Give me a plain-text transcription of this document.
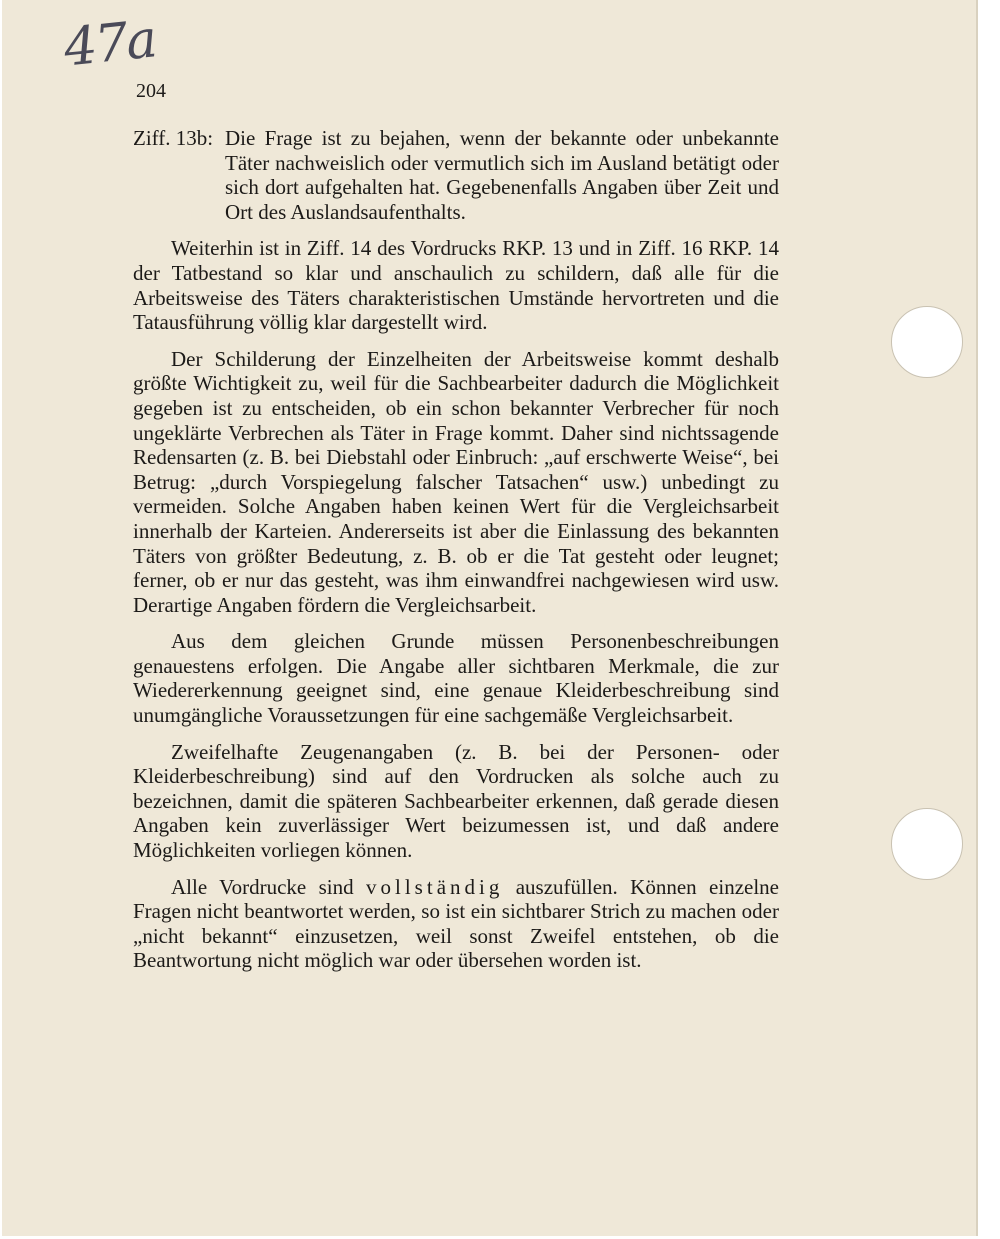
47a
204
Ziff. 13b: Die Frage ist zu bejahen, wenn der bekannte oder unbekannte Täter nachweislich oder vermutlich sich im Ausland betätigt oder sich dort aufgehalten hat. Gegebenenfalls Angaben über Zeit und Ort des Auslandsaufenthalts.

Weiterhin ist in Ziff. 14 des Vordrucks RKP. 13 und in Ziff. 16 RKP. 14 der Tatbestand so klar und anschaulich zu schildern, daß alle für die Arbeitsweise des Täters charakteristischen Umstände hervortreten und die Tatausführung völlig klar dargestellt wird.

Der Schilderung der Einzelheiten der Arbeitsweise kommt deshalb größte Wichtigkeit zu, weil für die Sachbearbeiter dadurch die Möglichkeit gegeben ist zu entscheiden, ob ein schon bekannter Verbrecher für noch ungeklärte Verbrechen als Täter in Frage kommt. Daher sind nichtssagende Redensarten (z. B. bei Diebstahl oder Einbruch: „auf erschwerte Weise“, bei Betrug: „durch Vorspiegelung falscher Tatsachen“ usw.) unbedingt zu vermeiden. Solche Angaben haben keinen Wert für die Vergleichsarbeit innerhalb der Karteien. Andererseits ist aber die Einlassung des bekannten Täters von größter Bedeutung, z. B. ob er die Tat gesteht oder leugnet; ferner, ob er nur das gesteht, was ihm einwandfrei nachgewiesen wird usw. Derartige Angaben fördern die Vergleichsarbeit.

Aus dem gleichen Grunde müssen Personenbeschreibungen genauestens erfolgen. Die Angabe aller sichtbaren Merkmale, die zur Wiedererkennung geeignet sind, eine genaue Kleiderbeschreibung sind unumgängliche Voraussetzungen für eine sachgemäße Vergleichsarbeit.

Zweifelhafte Zeugenangaben (z. B. bei der Personen- oder Kleiderbeschreibung) sind auf den Vordrucken als solche auch zu bezeichnen, damit die späteren Sachbearbeiter erkennen, daß gerade diesen Angaben kein zuverlässiger Wert beizumessen ist, und daß andere Möglichkeiten vorliegen können.

Alle Vordrucke sind vollständig auszufüllen. Können einzelne Fragen nicht beantwortet werden, so ist ein sichtbarer Strich zu machen oder „nicht bekannt“ einzusetzen, weil sonst Zweifel entstehen, ob die Beantwortung nicht möglich war oder übersehen worden ist.
